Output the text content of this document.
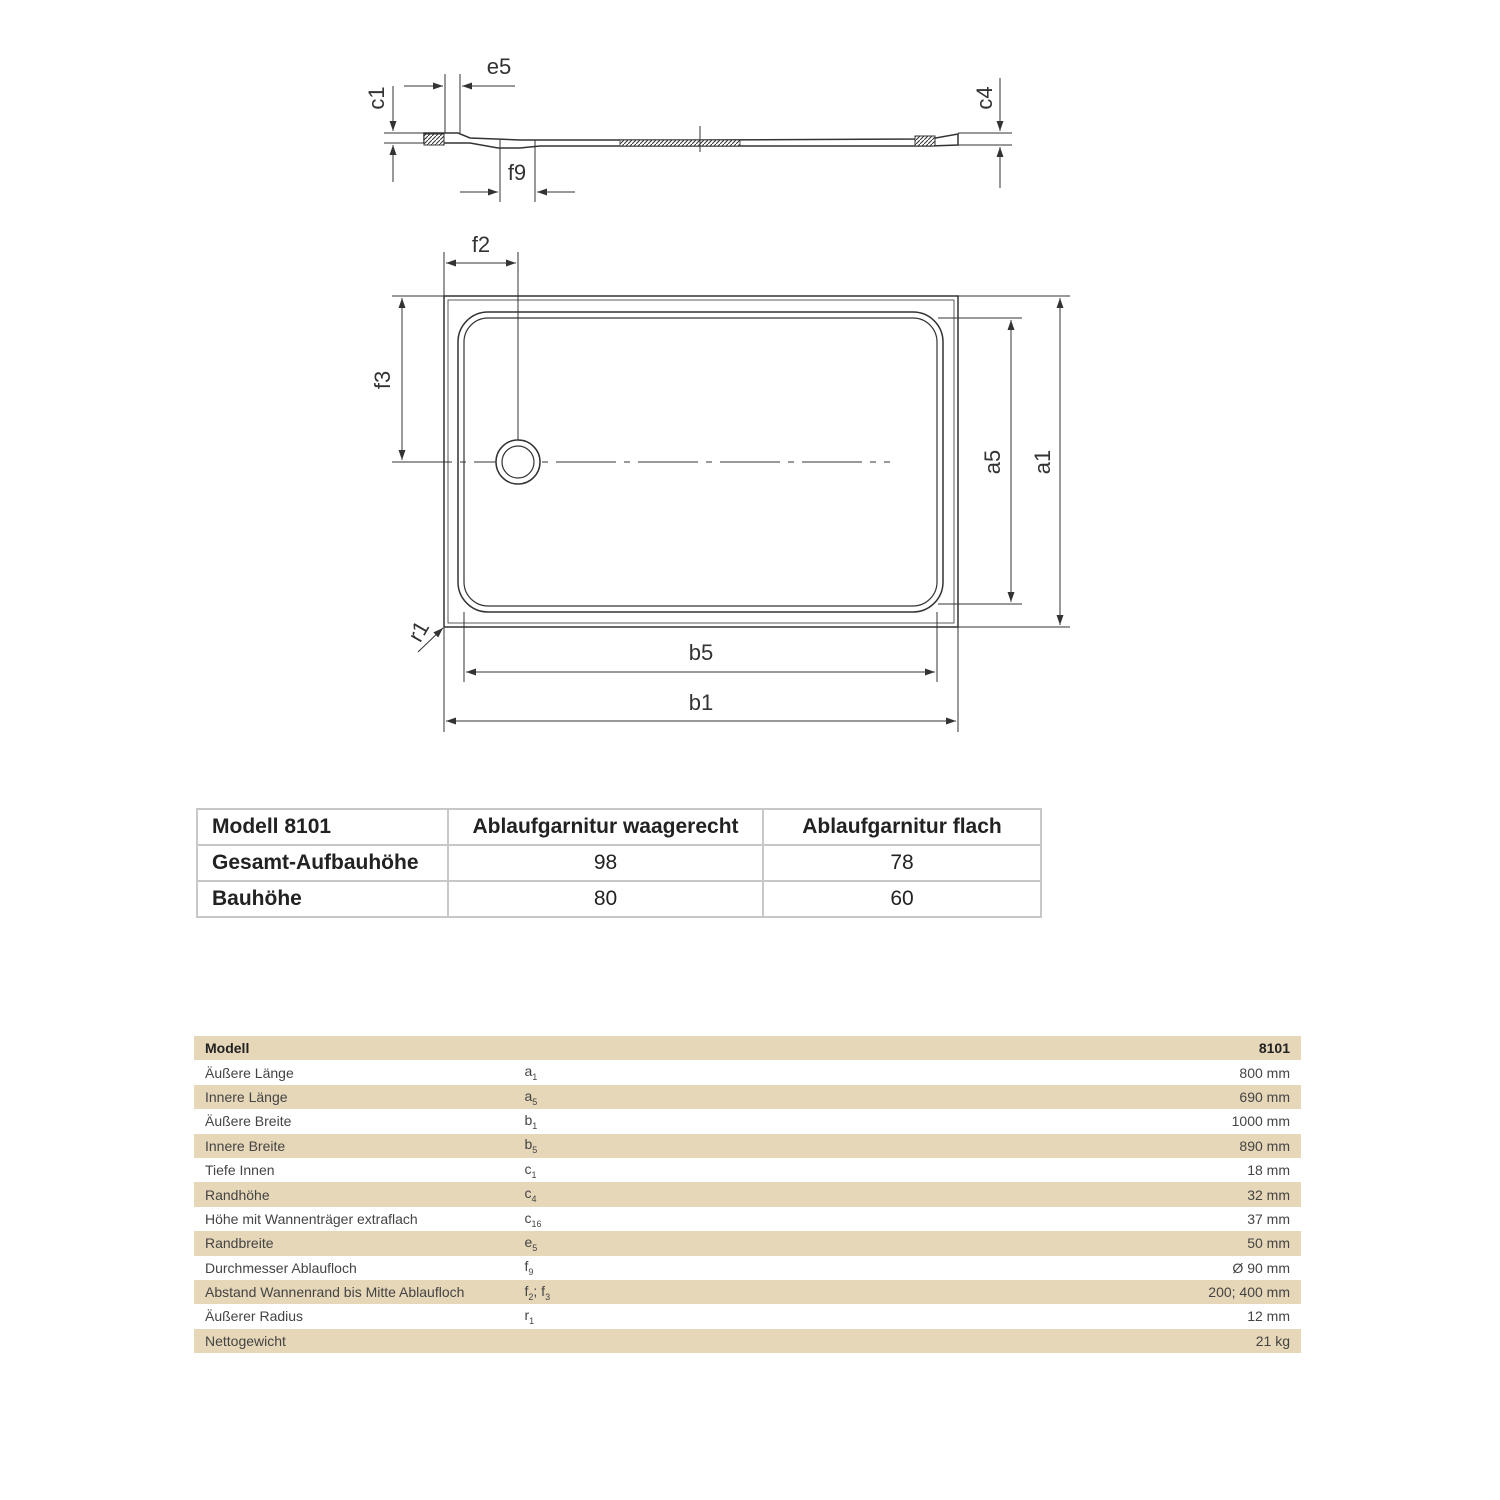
c1
e5
f9
c4
f2
f3
a5 a1
r1
b5
b1
Modell 8101	Ablaufgarnitur waagerecht	Ablaufgarnitur flach
Gesamt-Aufbauhöhe	98	78
Bauhöhe	80	60
Modell		8101
Äußere Länge	$a_1$	800 mm
Innere Länge	$a_5$	690 mm
Äußere Breite	$b_1$	1000 mm
Innere Breite	$b_5$	890 mm
Tiefe Innen	$c_1$	18 mm
Randhöhe	$c_4$	32 mm
Höhe mit Wannenträger extraflach	$c_{16}$	37 mm
Randbreite	$e_5$	50 mm
Durchmesser Ablaufloch	$f_9$	Ø 90 mm
Abstand Wannenrand bis Mitte Ablaufloch	$f_2$; $f_3$	200; 400 mm
Äußerer Radius	$r_1$	12 mm
Nettogewicht		21 kg
